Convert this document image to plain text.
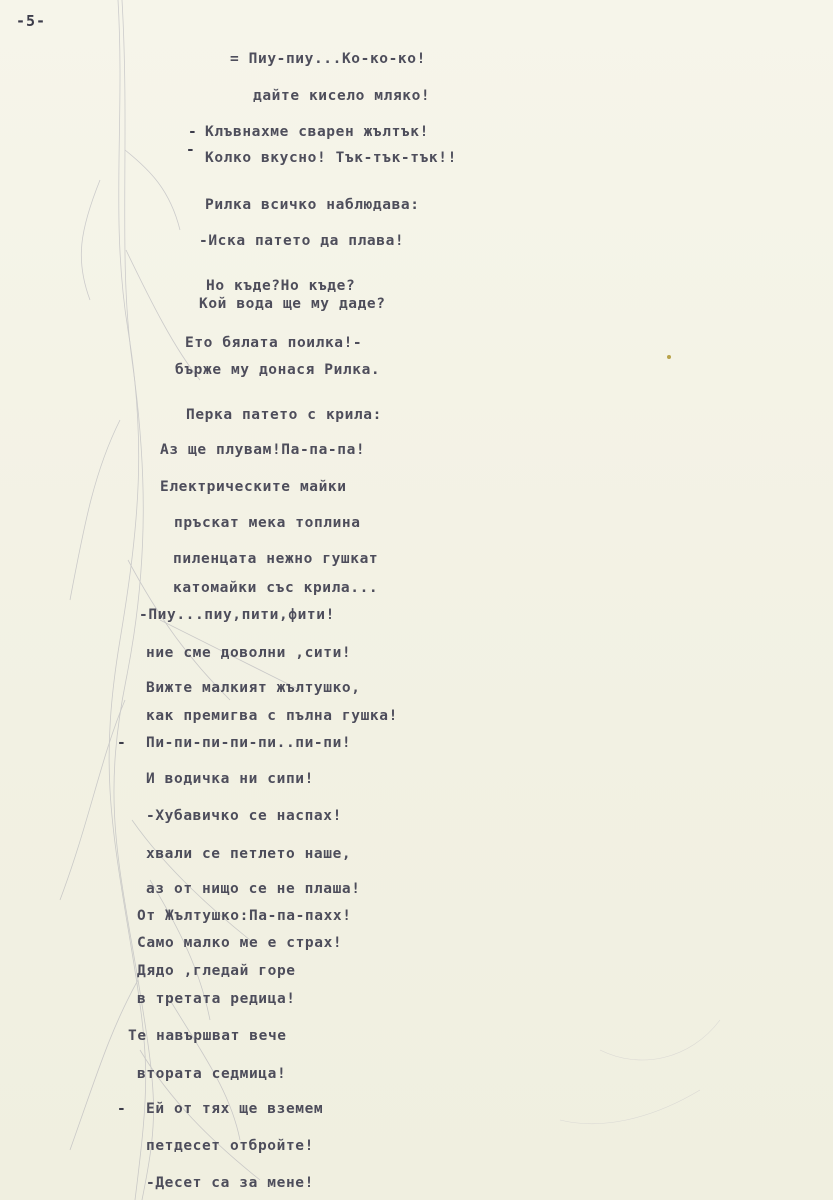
-5-
-
-
-
-
= Пиу-пиу...Ко-ко-ко!
дайте кисело мляко!
Клъвнахме сварен жълтък!
Колко вкусно! Тък-тък-тък!!
Рилка всичко наблюдава:
-Иска патето да плава!
Но къде?Но къде?
Кой вода ще му даде?
Ето бялата поилка!-
бърже му донася Рилка.
Перка патето с крила:
Аз ще плувам!Па-па-па!
Електрическите майки
пръскат мека топлина
пиленцата нежно гушкат
катомайки със крила...
-Пиу...пиу,пити,фити!
ние сме доволни ,сити!
Вижте малкият жълтушко,
как премигва с пълна гушка!
Пи-пи-пи-пи-пи..пи-пи!
И водичка ни сипи!
-Хубавичко се наспах!
хвали се петлето наше,
аз от нищо се не плаша!
От Жълтушко:Па-па-пахх!
Само малко ме е страх!
Дядо ,гледай горе
в третата редица!
Те навършват вече
втората седмица!
Ей от тях ще вземем
петдесет отбройте!
-Десет са за мене!
